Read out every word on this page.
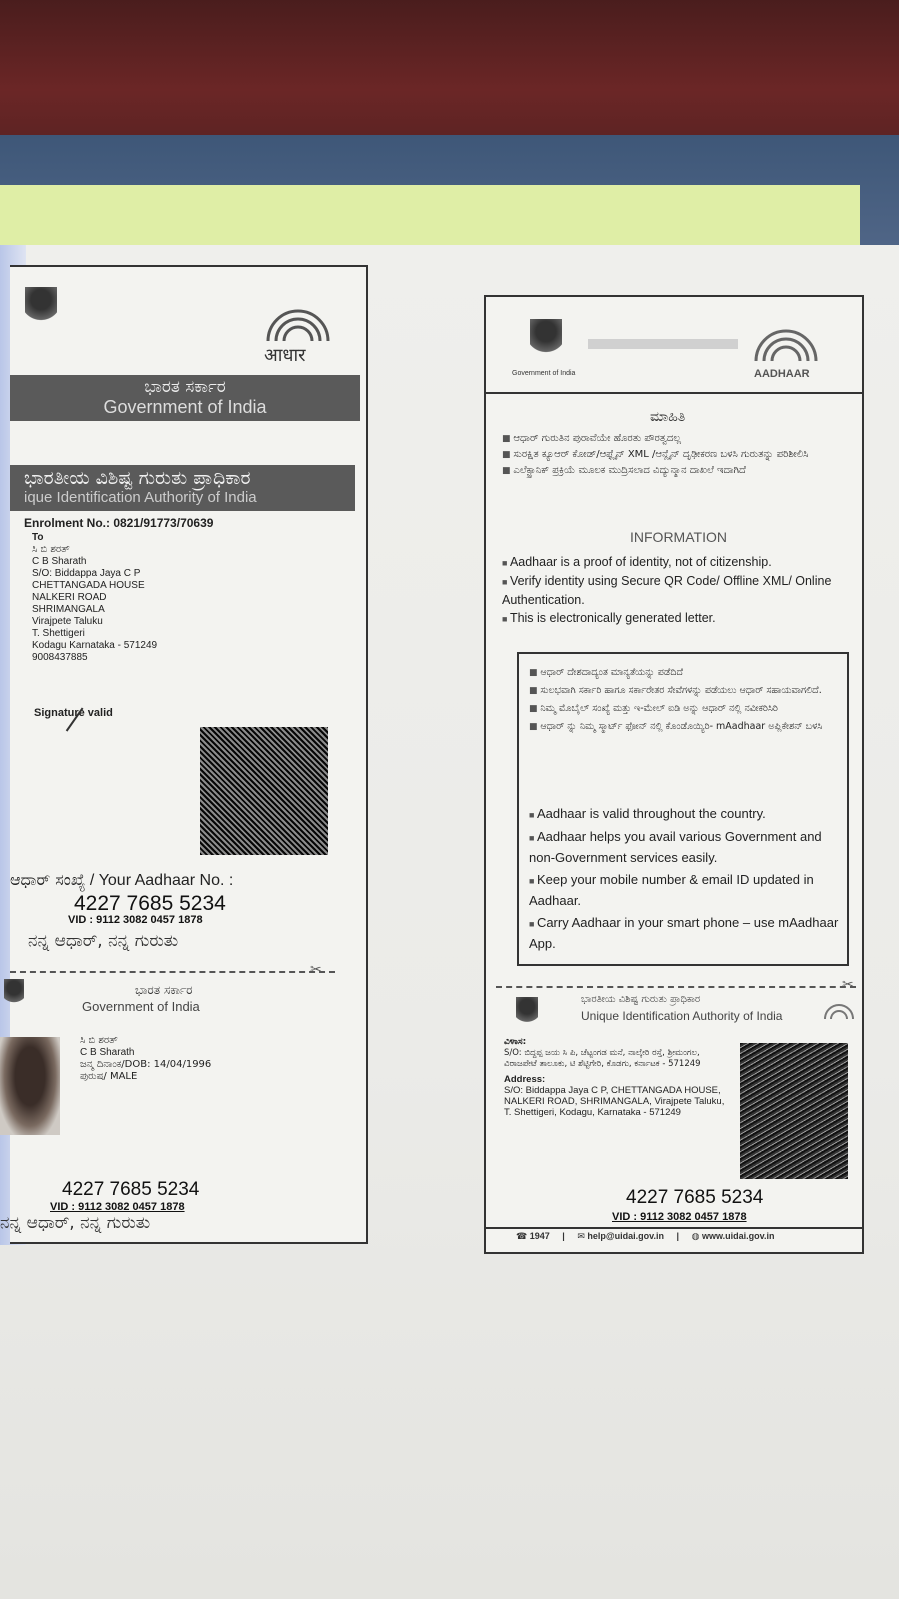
आधार
ಭಾರತ ಸರ್ಕಾರ
Government of India
ಭಾರತೀಯ ವಿಶಿಷ್ಟ ಗುರುತು ಪ್ರಾಧಿಕಾರ
ique Identification Authority of India
Enrolment No.: 0821/91773/70639
To
ಸಿ ಬಿ ಶರತ್
C B Sharath
S/O: Biddappa Jaya C P
CHETTANGADA HOUSE
NALKERI ROAD
SHRIMANGALA
Virajpete Taluku
T. Shettigeri
Kodagu Karnataka - 571249
9008437885
Signature valid
ಆಧಾರ್ ಸಂಖ್ಯೆ / Your Aadhaar No. :
4227 7685 5234
VID : 9112 3082 0457 1878
ನನ್ನ ಆಧಾರ್, ನನ್ನ ಗುರುತು
✂
ಭಾರತ ಸರ್ಕಾರ
Government of India
ಸಿ ಬಿ ಶರತ್
C B Sharath
ಜನ್ಮ ದಿನಾಂಕ/DOB: 14/04/1996
ಪುರುಷ/ MALE
4227 7685 5234
VID : 9112 3082 0457 1878
ನನ್ನ ಆಧಾರ್, ನನ್ನ ಗುರುತು
Government of India	AADHAAR
ಮಾಹಿತಿ
■ ಆಧಾರ್ ಗುರುತಿನ ಪುರಾವೆಯೇ ಹೊರತು ಪೌರತ್ವದಲ್ಲ
■ ಸುರಕ್ಷಿತ ಕ್ಯೂಆರ್ ಕೋಡ್/ಆಫ್ಲೈನ್ XML /ಆನ್ಲೈನ್ ದೃಢೀಕರಣ ಬಳಸಿ ಗುರುತನ್ನು ಪರಿಶೀಲಿಸಿ
■ ಎಲೆಕ್ಟ್ರಾನಿಕ್ ಪ್ರಕ್ರಿಯೆ ಮೂಲಕ ಮುದ್ರಿಸಲಾದ ವಿದ್ಯುನ್ಮಾನ ದಾಖಲೆ ಇದಾಗಿದೆ
INFORMATION
■ Aadhaar is a proof of identity, not of citizenship.
■ Verify identity using Secure QR Code/ Offline XML/ Online Authentication.
■ This is electronically generated letter.
■ ಆಧಾರ್ ದೇಶದಾದ್ಯಂತ ಮಾನ್ಯತೆಯನ್ನು ಪಡೆದಿದೆ
■ ಸುಲಭವಾಗಿ ಸರ್ಕಾರಿ ಹಾಗೂ ಸರ್ಕಾರೇತರ ಸೇವೆಗಳನ್ನು ಪಡೆಯಲು ಆಧಾರ್ ಸಹಾಯವಾಗಲಿದೆ.
■ ನಿಮ್ಮ ಮೊಬೈಲ್ ಸಂಖ್ಯೆ ಮತ್ತು ಇ-ಮೇಲ್ ಐಡಿ ಅನ್ನು ಆಧಾರ್ ನಲ್ಲಿ ನವೀಕರಿಸಿರಿ
■ ಆಧಾರ್ ನ್ನು ನಿಮ್ಮ ಸ್ಮಾರ್ಟ್ ಫೋನ್ ನಲ್ಲಿ ಕೊಂಡೊಯ್ಯಿರಿ- mAadhaar ಅಪ್ಲಿಕೇಶನ್ ಬಳಸಿ
■ Aadhaar is valid throughout the country.
■ Aadhaar helps you avail various Government and non-Government services easily.
■ Keep your mobile number & email ID updated in Aadhaar.
■ Carry Aadhaar in your smart phone – use mAadhaar App.
✂
ಭಾರತೀಯ ವಿಶಿಷ್ಟ ಗುರುತು ಪ್ರಾಧಿಕಾರ
Unique Identification Authority of India
ವಿಳಾಸ:
S/O: ಬಿದ್ದಪ್ಪ ಜಯ ಸಿ ಪಿ, ಚೆಟ್ಟಂಗಡ ಮನೆ, ನಾಲ್ಕೇರಿ ರಸ್ತೆ, ಶ್ರೀಮಂಗಲ, ವಿರಾಜಪೇಟೆ ತಾಲೂಕು, ಟಿ ಶೆಟ್ಟಿಗೇರಿ, ಕೊಡಗು, ಕರ್ನಾಟಕ - 571249
Address:
S/O: Biddappa Jaya C P, CHETTANGADA HOUSE, NALKERI ROAD, SHRIMANGALA, Virajpete Taluku, T. Shettigeri, Kodagu, Karnataka - 571249
4227 7685 5234
VID : 9112 3082 0457 1878
☎ 1947 | ✉ help@uidai.gov.in | ◍ www.uidai.gov.in
